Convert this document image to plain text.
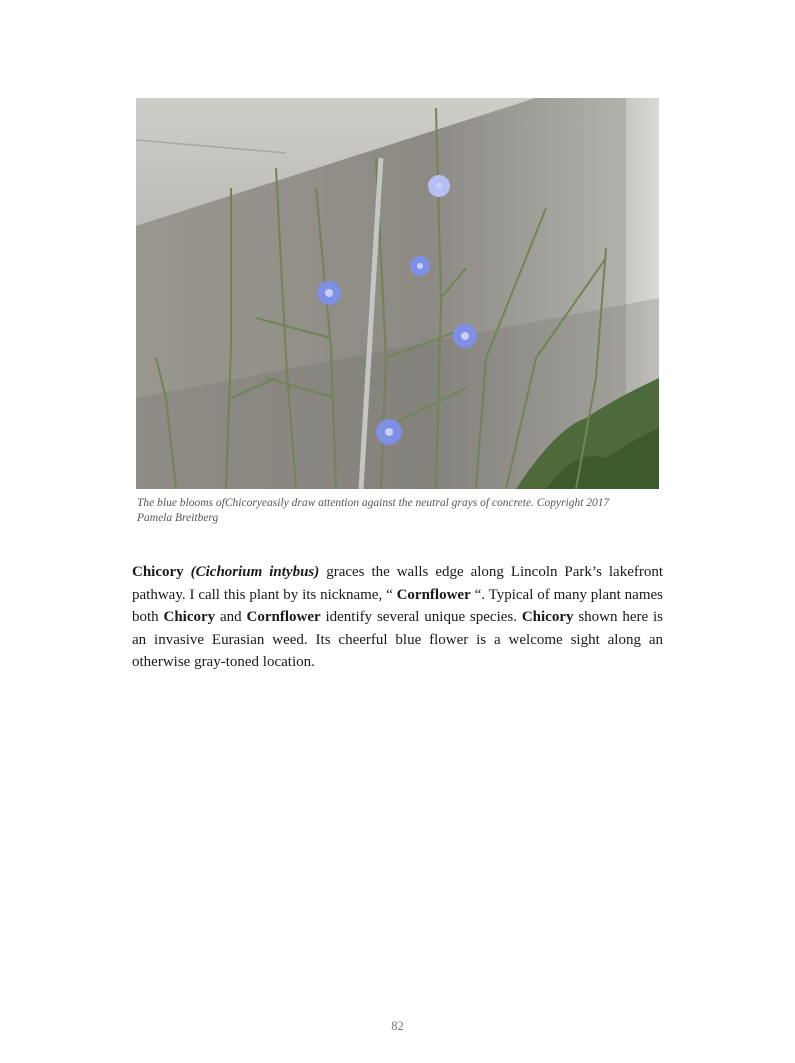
The blue blooms ofChicoryeasily draw attention against the neutral grays of concrete. Copyright 2017
Pamela Breitberg
Chicory (Cichorium intybus) graces the walls edge along Lincoln Park’s lakefront pathway. I call this plant by its nickname, “ Cornflower “. Typical of many plant names both Chicory and Cornflower identify several unique species. Chicory shown here is an invasive Eurasian weed. Its cheerful blue flower is a welcome sight along an otherwise gray-toned location.
82
